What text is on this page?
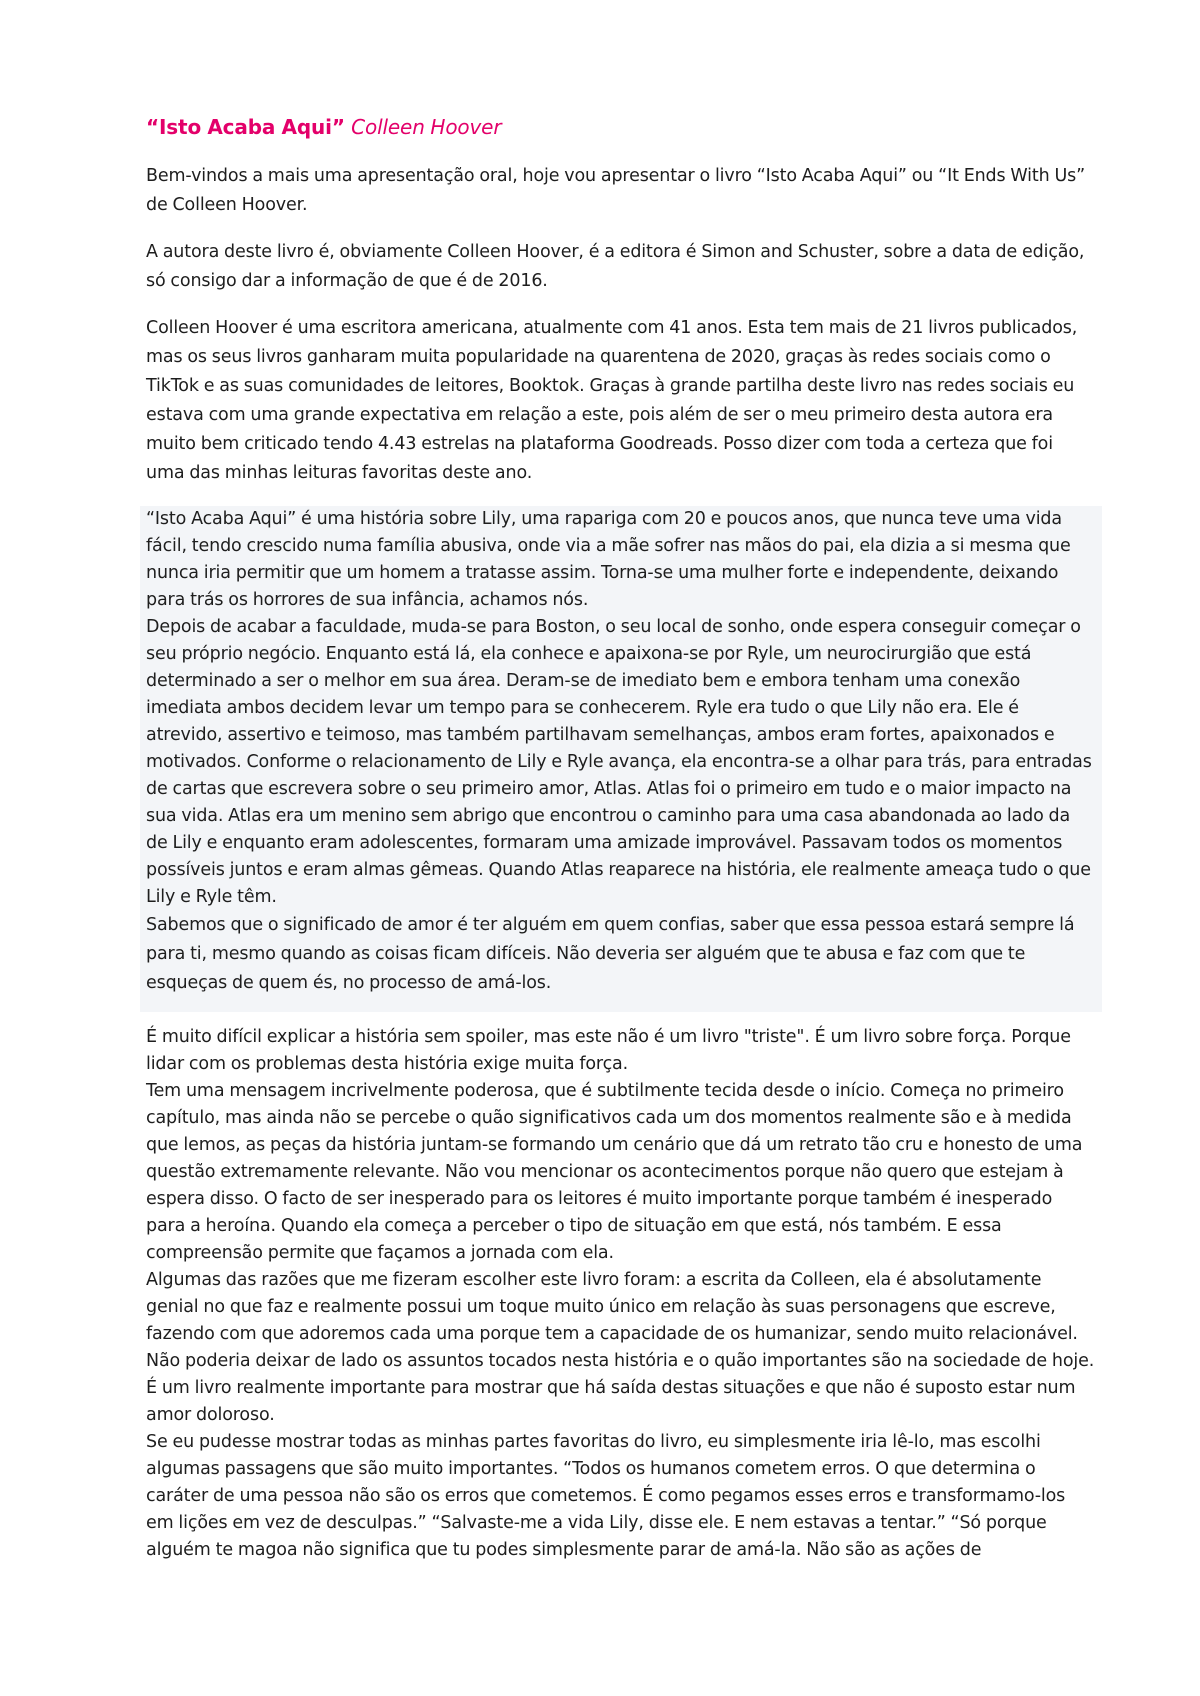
“Isto Acaba Aqui” Colleen Hoover

Bem-vindos a mais uma apresentação oral, hoje vou apresentar o livro “Isto Acaba Aqui” ou “It Ends With Us” de Colleen Hoover.

A autora deste livro é, obviamente Colleen Hoover, é a editora é Simon and Schuster, sobre a data de edição, só consigo dar a informação de que é de 2016.

Colleen Hoover é uma escritora americana, atualmente com 41 anos. Esta tem mais de 21 livros publicados, mas os seus livros ganharam muita popularidade na quarentena de 2020, graças às redes sociais como o TikTok e as suas comunidades de leitores, Booktok. Graças à grande partilha deste livro nas redes sociais eu estava com uma grande expectativa em relação a este, pois além de ser o meu primeiro desta autora era muito bem criticado tendo 4.43 estrelas na plataforma Goodreads. Posso dizer com toda a certeza que foi uma das minhas leituras favoritas deste ano.

“Isto Acaba Aqui” é uma história sobre Lily, uma rapariga com 20 e poucos anos, que nunca teve uma vida fácil, tendo crescido numa família abusiva, onde via a mãe sofrer nas mãos do pai, ela dizia a si mesma que nunca iria permitir que um homem a tratasse assim. Torna-se uma mulher forte e independente, deixando para trás os horrores de sua infância, achamos nós.

Depois de acabar a faculdade, muda-se para Boston, o seu local de sonho, onde espera conseguir começar o seu próprio negócio. Enquanto está lá, ela conhece e apaixona-se por Ryle, um neurocirurgião que está determinado a ser o melhor em sua área. Deram-se de imediato bem e embora tenham uma conexão imediata ambos decidem levar um tempo para se conhecerem. Ryle era tudo o que Lily não era. Ele é atrevido, assertivo e teimoso, mas também partilhavam semelhanças, ambos eram fortes, apaixonados e motivados. Conforme o relacionamento de Lily e Ryle avança, ela encontra-se a olhar para trás, para entradas de cartas que escrevera sobre o seu primeiro amor, Atlas. Atlas foi o primeiro em tudo e o maior impacto na sua vida. Atlas era um menino sem abrigo que encontrou o caminho para uma casa abandonada ao lado da de Lily e enquanto eram adolescentes, formaram uma amizade improvável. Passavam todos os momentos possíveis juntos e eram almas gêmeas. Quando Atlas reaparece na história, ele realmente ameaça tudo o que Lily e Ryle têm.

Sabemos que o significado de amor é ter alguém em quem confias, saber que essa pessoa estará sempre lá para ti, mesmo quando as coisas ficam difíceis. Não deveria ser alguém que te abusa e faz com que te esqueças de quem és, no processo de amá-los.

É muito difícil explicar a história sem spoiler, mas este não é um livro "triste". É um livro sobre força. Porque lidar com os problemas desta história exige muita força.

Tem uma mensagem incrivelmente poderosa, que é subtilmente tecida desde o início. Começa no primeiro capítulo, mas ainda não se percebe o quão significativos cada um dos momentos realmente são e à medida que lemos, as peças da história juntam-se formando um cenário que dá um retrato tão cru e honesto de uma questão extremamente relevante. Não vou mencionar os acontecimentos porque não quero que estejam à espera disso. O facto de ser inesperado para os leitores é muito importante porque também é inesperado para a heroína. Quando ela começa a perceber o tipo de situação em que está, nós também. E essa compreensão permite que façamos a jornada com ela.

Algumas das razões que me fizeram escolher este livro foram: a escrita da Colleen, ela é absolutamente genial no que faz e realmente possui um toque muito único em relação às suas personagens que escreve, fazendo com que adoremos cada uma porque tem a capacidade de os humanizar, sendo muito relacionável.

Não poderia deixar de lado os assuntos tocados nesta história e o quão importantes são na sociedade de hoje. É um livro realmente importante para mostrar que há saída destas situações e que não é suposto estar num amor doloroso.

Se eu pudesse mostrar todas as minhas partes favoritas do livro, eu simplesmente iria lê-lo, mas escolhi algumas passagens que são muito importantes. “Todos os humanos cometem erros. O que determina o caráter de uma pessoa não são os erros que cometemos. É como pegamos esses erros e transformamo-los em lições em vez de desculpas.” “Salvaste-me a vida Lily, disse ele. E nem estavas a tentar.” “Só porque alguém te magoa não significa que tu podes simplesmente parar de amá-la. Não são as ações de
